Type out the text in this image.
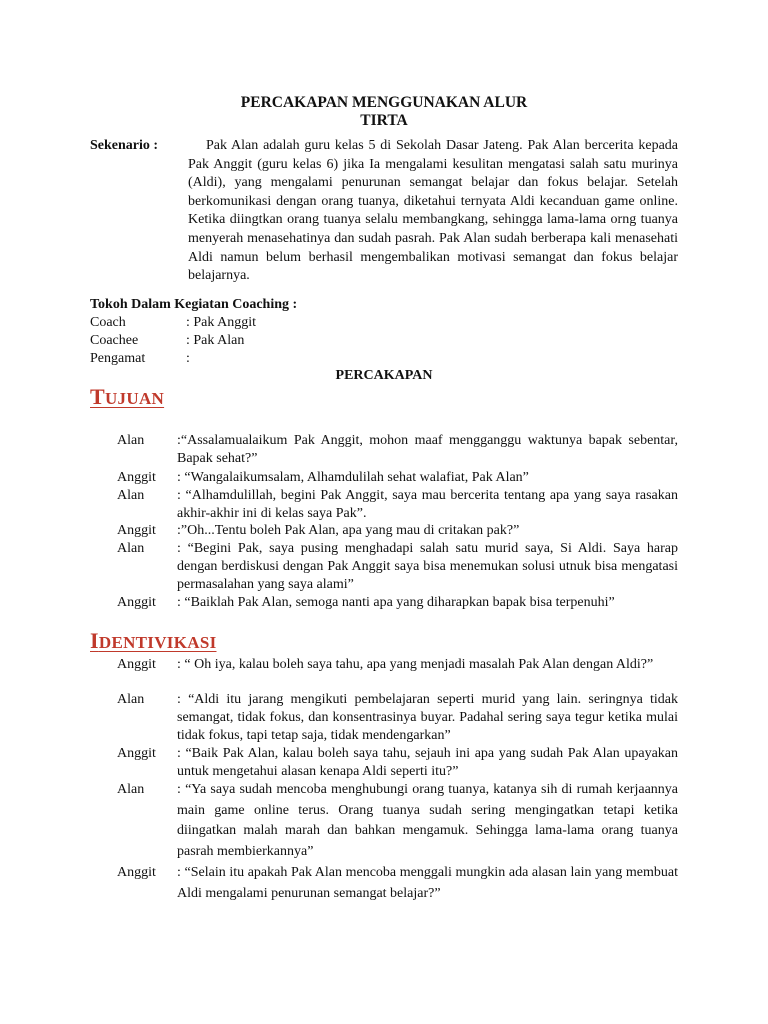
PERCAKAPAN MENGGUNAKAN ALUR
TIRTA
Sekenario :	Pak Alan adalah guru kelas 5 di Sekolah Dasar Jateng. Pak Alan bercerita kepada Pak Anggit (guru kelas 6) jika Ia mengalami kesulitan mengatasi salah satu murinya (Aldi), yang mengalami penurunan semangat belajar dan fokus belajar. Setelah berkomunikasi dengan orang tuanya, diketahui ternyata Aldi kecanduan game online. Ketika diingtkan orang tuanya selalu membangkang, sehingga lama-lama orng tuanya menyerah menasehatinya dan sudah pasrah. Pak Alan sudah berberapa kali menasehati Aldi namun belum berhasil mengembalikan motivasi semangat dan fokus belajar belajarnya.
Tokoh Dalam Kegiatan Coaching :
Coach	: Pak Anggit
Coachee	: Pak Alan
Pengamat	:
PERCAKAPAN
TUJUAN
Alan	:“Assalamualaikum Pak Anggit, mohon maaf mengganggu waktunya bapak sebentar, Bapak sehat?”
Anggit	: “Wangalaikumsalam, Alhamdulilah sehat walafiat, Pak Alan”
Alan	: “Alhamdulillah, begini Pak Anggit, saya mau bercerita tentang apa yang saya rasakan akhir-akhir ini di kelas saya Pak”.
Anggit	:”Oh...Tentu boleh Pak Alan, apa yang mau di critakan pak?”
Alan	: “Begini Pak, saya pusing menghadapi salah satu murid saya, Si Aldi. Saya harap dengan berdiskusi dengan Pak Anggit saya bisa menemukan solusi utnuk bisa mengatasi permasalahan yang saya alami”
Anggit	: “Baiklah Pak Alan, semoga nanti apa yang diharapkan bapak bisa terpenuhi”
IDENTIVIKASI
Anggit	: “ Oh iya, kalau boleh saya tahu, apa yang menjadi masalah Pak Alan dengan Aldi?”
Alan	: “Aldi itu jarang mengikuti pembelajaran seperti murid yang lain. seringnya tidak semangat, tidak fokus, dan konsentrasinya buyar. Padahal sering saya tegur ketika mulai tidak fokus, tapi tetap saja, tidak mendengarkan”
Anggit	: “Baik Pak Alan, kalau boleh saya tahu, sejauh ini apa yang sudah Pak Alan upayakan untuk mengetahui alasan kenapa Aldi seperti itu?”
Alan	: “Ya saya sudah mencoba menghubungi orang tuanya, katanya sih di rumah kerjaannya main game online terus. Orang tuanya sudah sering mengingatkan tetapi ketika diingatkan malah marah dan bahkan mengamuk. Sehingga lama-lama orang tuanya pasrah membierkannya”
Anggit	: “Selain itu apakah Pak Alan mencoba menggali mungkin ada alasan lain yang membuat Aldi mengalami penurunan semangat belajar?”
